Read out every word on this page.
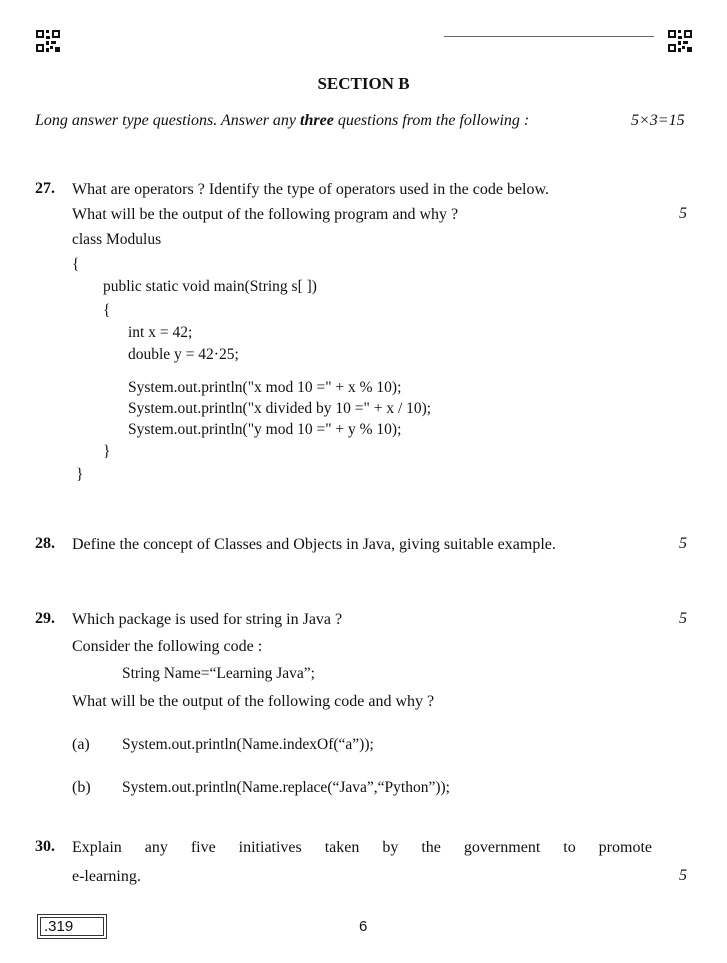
SECTION B
Long answer type questions. Answer any three questions from the following :	5×3=15
27. What are operators ? Identify the type of operators used in the code below.
What will be the output of the following program and why ?	5
class Modulus
{
public static void main(String s[ ])
{
int x = 42;
double y = 42·25;
System.out.println("x mod 10 =" + x % 10);
System.out.println("x divided by 10 =" + x / 10);
System.out.println("y mod 10 =" + y % 10);
}
}
28. Define the concept of Classes and Objects in Java, giving suitable example.	5
29. Which package is used for string in Java ?	5
Consider the following code :
String Name=“Learning Java”;
What will be the output of the following code and why ?
(a) System.out.println(Name.indexOf(“a”));
(b) System.out.println(Name.replace(“Java”,“Python”));
30. Explain any five initiatives taken by the government to promote
e-learning.	5
.319	6
